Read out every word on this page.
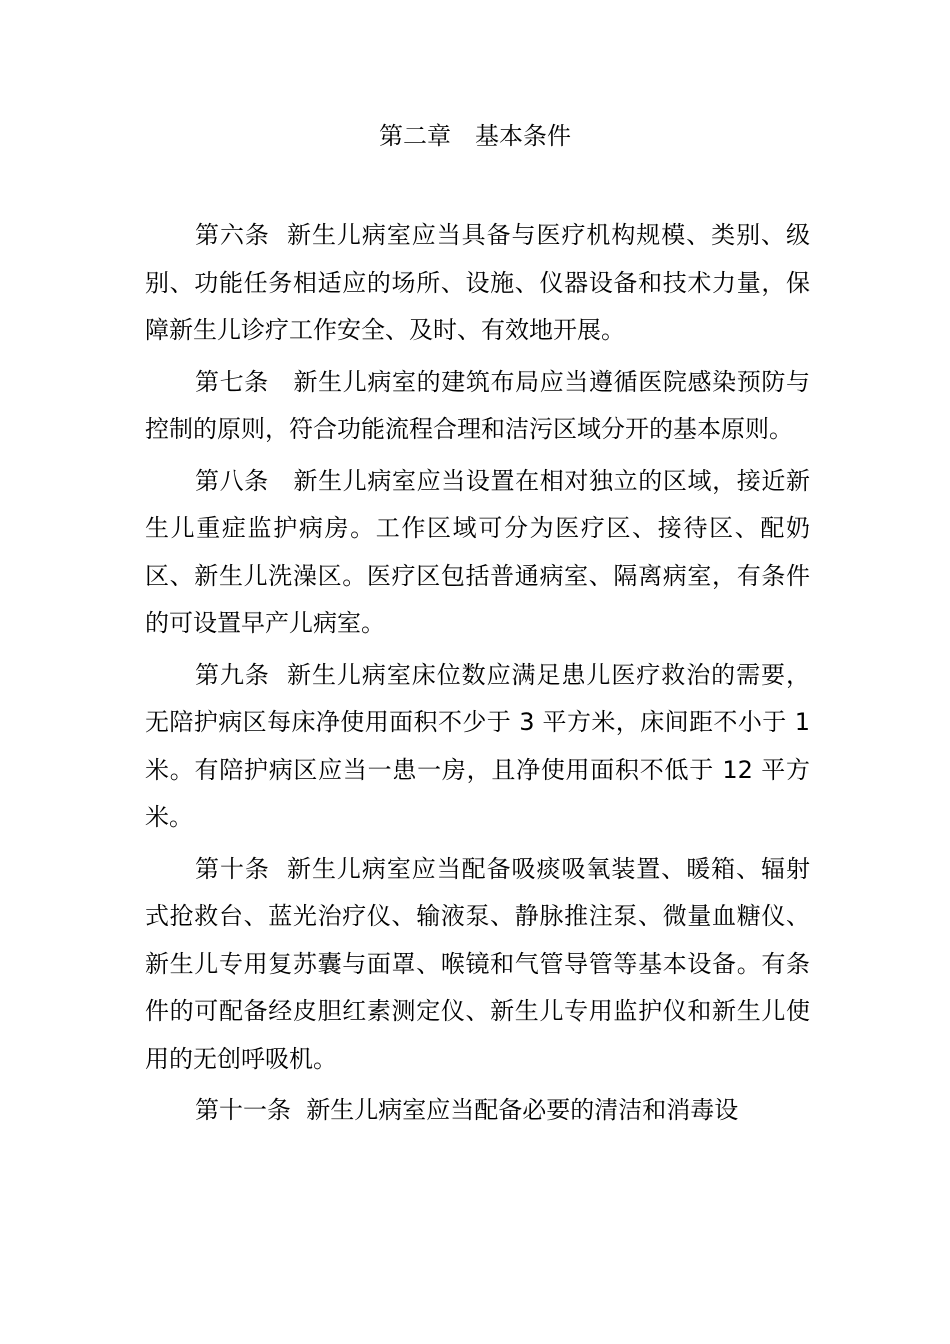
第二章　基本条件

第六条  新生儿病室应当具备与医疗机构规模、类别、级别、功能任务相适应的场所、设施、仪器设备和技术力量，保障新生儿诊疗工作安全、及时、有效地开展。

第七条　新生儿病室的建筑布局应当遵循医院感染预防与控制的原则，符合功能流程合理和洁污区域分开的基本原则。

第八条　新生儿病室应当设置在相对独立的区域，接近新生儿重症监护病房。工作区域可分为医疗区、接待区、配奶区、新生儿洗澡区。医疗区包括普通病室、隔离病室，有条件的可设置早产儿病室。

第九条  新生儿病室床位数应满足患儿医疗救治的需要，无陪护病区每床净使用面积不少于 3 平方米，床间距不小于 1 米。有陪护病区应当一患一房，且净使用面积不低于 12 平方米。

第十条  新生儿病室应当配备吸痰吸氧装置、暖箱、辐射式抢救台、蓝光治疗仪、输液泵、静脉推注泵、微量血糖仪、新生儿专用复苏囊与面罩、喉镜和气管导管等基本设备。有条件的可配备经皮胆红素测定仪、新生儿专用监护仪和新生儿使用的无创呼吸机。

第十一条  新生儿病室应当配备必要的清洁和消毒设
